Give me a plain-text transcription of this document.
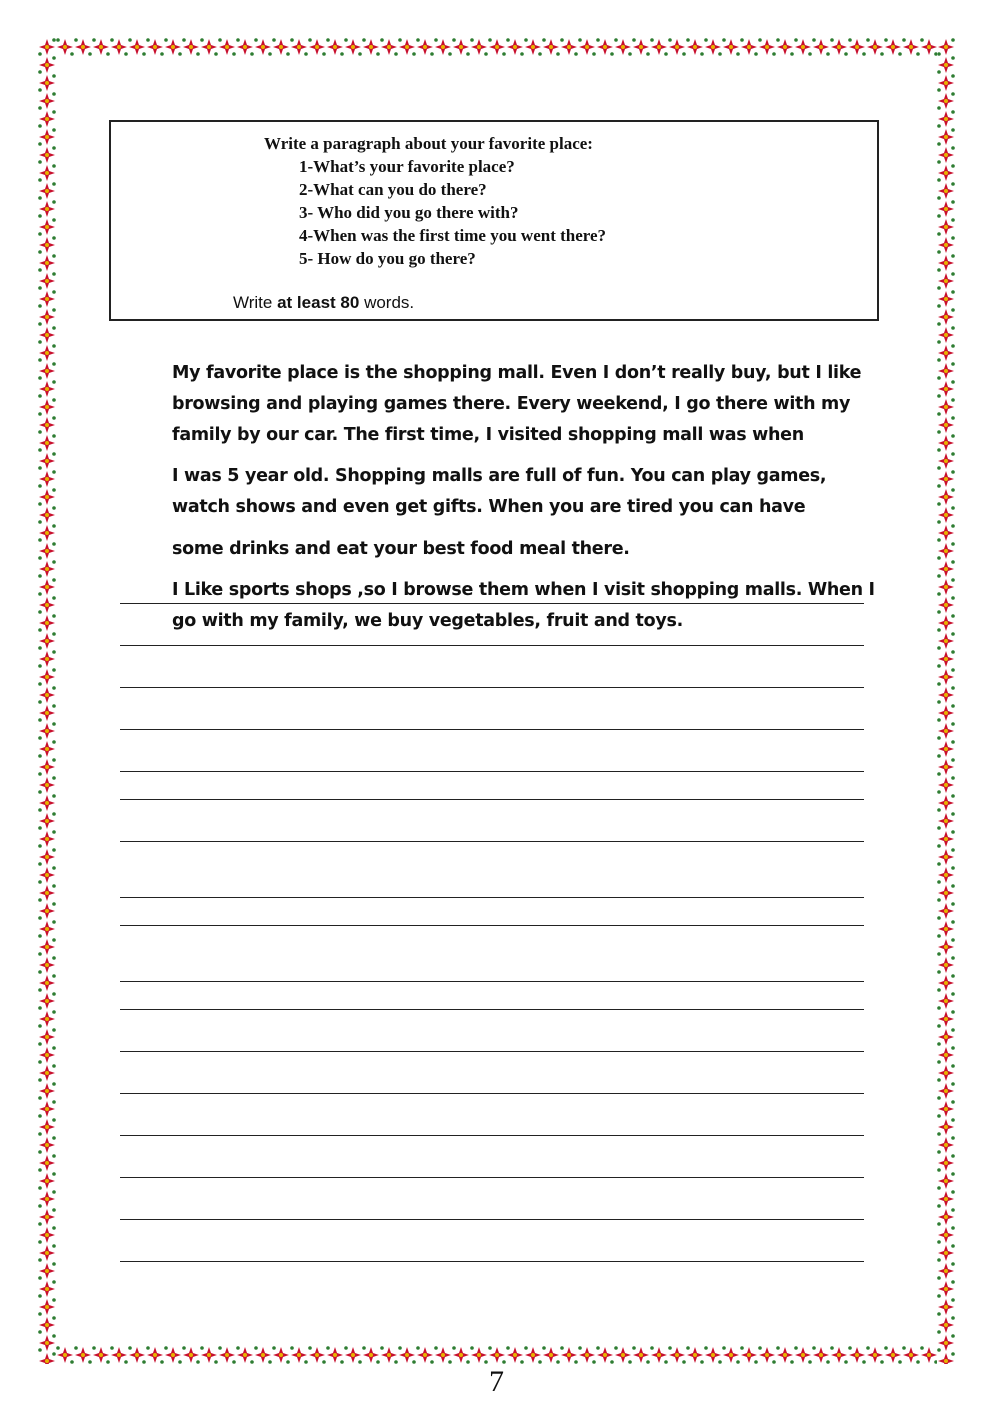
Write a paragraph about your favorite place:
1-What’s your favorite place?
2-What can you do there?
3- Who did you go there with?
4-When was the first time you went there?
5- How do you go there?
Write at least 80 words.
My favorite place is the shopping mall. Even I don’t really buy, but I like
browsing and playing games there. Every weekend, I go there with my
family by our car. The first time, I visited shopping mall was when
I was 5 year old. Shopping malls are full of fun. You can play games,
watch shows and even get gifts. When you are tired you can have
some drinks and eat your best food meal there.
I Like sports shops ,so I browse them when I visit shopping malls. When I
go with my family, we buy vegetables, fruit and toys.
7
